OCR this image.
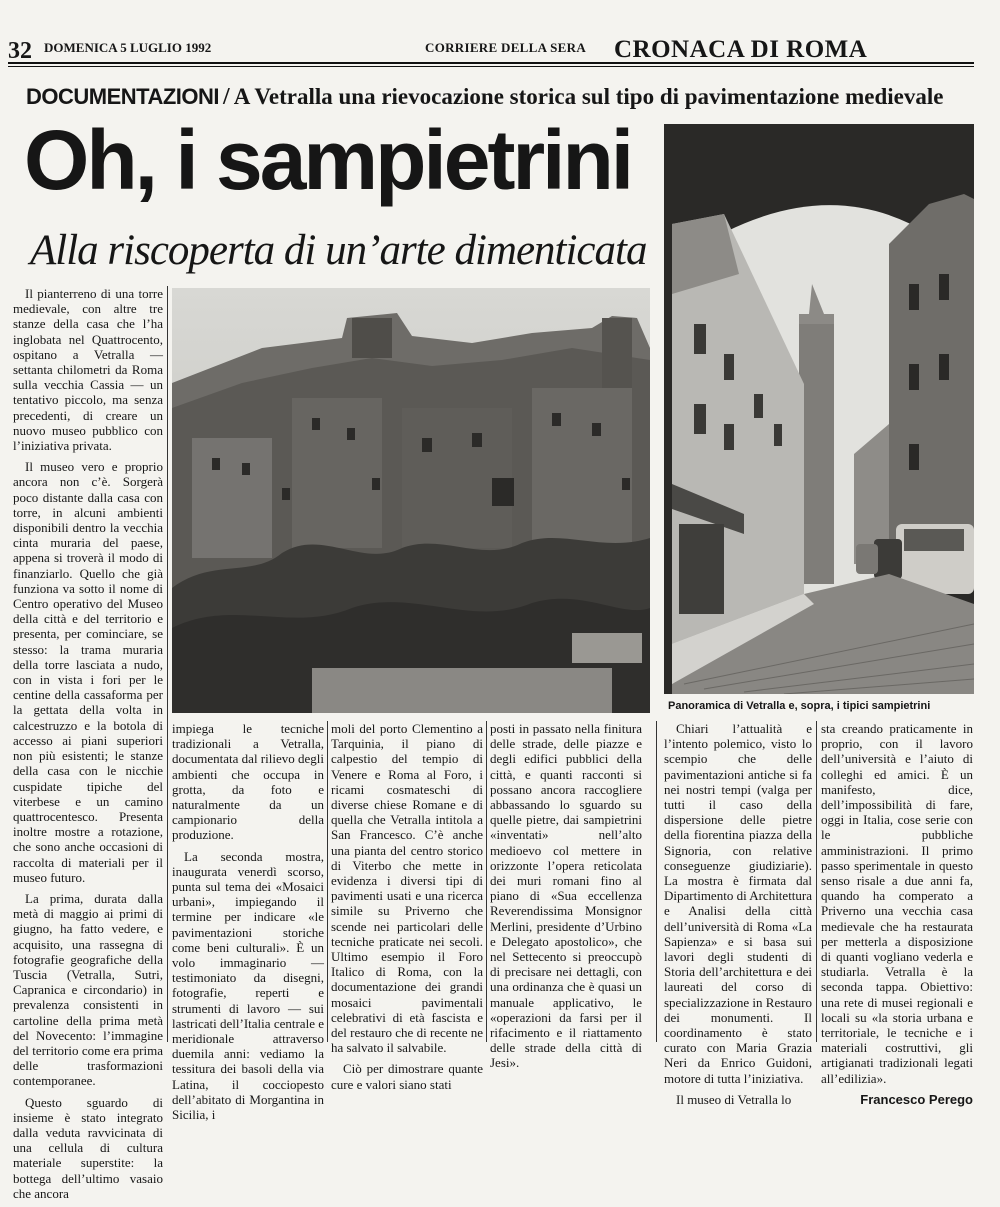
32 DOMENICA 5 LUGLIO 1992	CORRIERE DELLA SERA CRONACA DI ROMA
DOCUMENTAZIONI / A Vetralla una rievocazione storica sul tipo di pavimentazione medievale
Oh, i sampietrini
Alla riscoperta di un’arte dimenticata
Panoramica di Vetralla e, sopra, i tipici sampietrini

Il pianterreno di una torre medievale, con altre tre stanze della casa che l’ha inglobata nel Quattrocento, ospitano a Vetralla — settanta chilometri da Roma sulla vecchia Cassia — un tentativo piccolo, ma senza precedenti, di creare un nuovo museo pubblico con l’iniziativa privata.

Il museo vero e proprio ancora non c’è. Sorgerà poco distante dalla casa con torre, in alcuni ambienti disponibili dentro la vecchia cinta muraria del paese, appena si troverà il modo di finanziarlo. Quello che già funziona va sotto il nome di Centro operativo del Museo della città e del territorio e presenta, per cominciare, se stesso: la trama muraria della torre lasciata a nudo, con in vista i fori per le centine della cassaforma per la gettata della volta in calcestruzzo e la botola di accesso ai piani superiori non più esistenti; le stanze della casa con le nicchie cuspidate tipiche del viterbese e un camino quattrocentesco. Presenta inoltre mostre a rotazione, che sono anche occasioni di raccolta di materiali per il museo futuro.

La prima, durata dalla metà di maggio ai primi di giugno, ha fatto vedere, e acquisito, una rassegna di fotografie geografiche della Tuscia (Vetralla, Sutri, Capranica e circondario) in prevalenza consistenti in cartoline della prima metà del Novecento: l’immagine del territorio come era prima delle trasformazioni contemporanee.

Questo sguardo di insieme è stato integrato dalla veduta ravvicinata di una cellula di cultura materiale superstite: la bottega dell’ultimo vasaio che ancora

impiega le tecniche tradizionali a Vetralla, documentata dal rilievo degli ambienti che occupa in grotta, da foto e naturalmente da un campionario della produzione.

La seconda mostra, inaugurata venerdì scorso, punta sul tema dei «Mosaici urbani», impiegando il termine per indicare «le pavimentazioni storiche come beni culturali». È un volo immaginario — testimoniato da disegni, fotografie, reperti e strumenti di lavoro — sui lastricati dell’Italia centrale e meridionale attraverso duemila anni: vediamo la tessitura dei basoli della via Latina, il cocciopesto dell’abitato di Morgantina in Sicilia, i

moli del porto Clementino a Tarquinia, il piano di calpestio del tempio di Venere e Roma al Foro, i ricami cosmateschi di diverse chiese Romane e di quella che Vetralla intitola a San Francesco. C’è anche una pianta del centro storico di Viterbo che mette in evidenza i diversi tipi di pavimenti usati e una ricerca simile su Priverno che scende nei particolari delle tecniche praticate nei secoli. Ultimo esempio il Foro Italico di Roma, con la documentazione dei grandi mosaici pavimentali celebrativi di età fascista e del restauro che di recente ne ha salvato il salvabile.

Ciò per dimostrare quante cure e valori siano stati

posti in passato nella finitura delle strade, delle piazze e degli edifici pubblici della città, e quanti racconti si possano ancora raccogliere abbassando lo sguardo su quelle pietre, dai sampietrini «inventati» nell’alto medioevo col mettere in orizzonte l’opera reticolata dei muri romani fino al piano di «Sua eccellenza Reverendissima Monsignor Merlini, presidente d’Urbino e Delegato apostolico», che nel Settecento si preoccupò di precisare nei dettagli, con una ordinanza che è quasi un manuale applicativo, le «operazioni da farsi per il rifacimento e il riattamento delle strade della città di Jesi».

Chiari l’attualità e l’intento polemico, visto lo scempio che delle pavimentazioni antiche si fa nei nostri tempi (valga per tutti il caso della dispersione delle pietre della fiorentina piazza della Signoria, con relative conseguenze giudiziarie). La mostra è firmata dal Dipartimento di Architettura e Analisi della città dell’università di Roma «La Sapienza» e si basa sui lavori degli studenti di Storia dell’architettura e dei laureati del corso di specializzazione in Restauro dei monumenti. Il coordinamento è stato curato con Maria Grazia Neri da Enrico Guidoni, motore di tutta l’iniziativa.

Il museo di Vetralla lo

sta creando praticamente in proprio, con il lavoro dell’università e l’aiuto di colleghi ed amici. È un manifesto, dice, dell’impossibilità di fare, oggi in Italia, cose serie con le pubbliche amministrazioni. Il primo passo sperimentale in questo senso risale a due anni fa, quando ha comperato a Priverno una vecchia casa medievale che ha restaurata per metterla a disposizione di quanti vogliano vederla e studiarla. Vetralla è la seconda tappa. Obiettivo: una rete di musei regionali e locali su «la storia urbana e territoriale, le tecniche e i materiali costruttivi, gli artigianati tradizionali legati all’edilizia».

Francesco Perego
